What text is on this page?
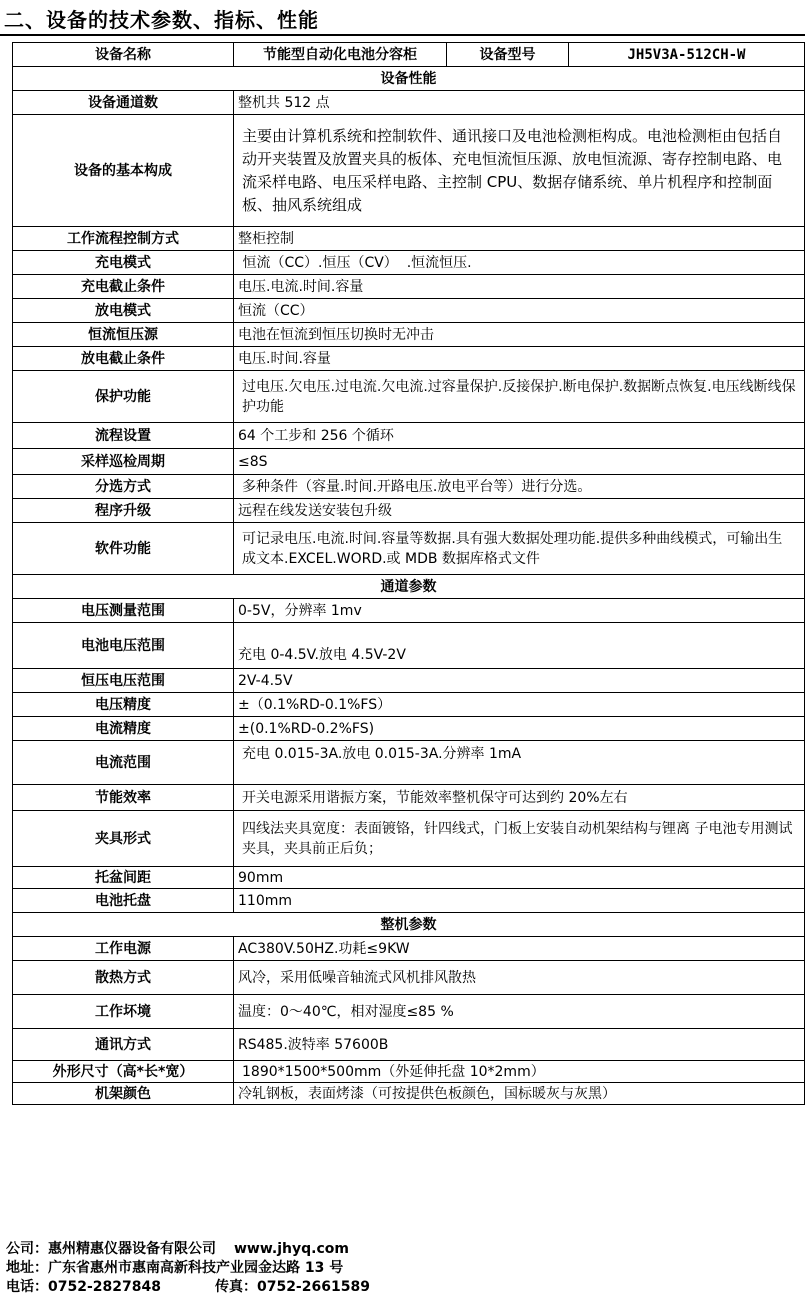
二、设备的技术参数、指标、性能
设备名称	节能型自动化电池分容柜	设备型号	JH5V3A-512CH-W
设备性能			
设备通道数	整机共 512 点		
设备的基本构成	主要由计算机系统和控制软件、通讯接口及电池检测柜构成。电池检测柜由包括自动开夹装置及放置夹具的板体、充电恒流恒压源、放电恒流源、寄存控制电路、电流采样电路、电压采样电路、主控制 CPU、数据存储系统、单片机程序和控制面板、抽风系统组成		
工作流程控制方式	整柜控制		
充电模式	恒流（CC）.恒压（CV）  .恒流恒压.		
充电截止条件	电压.电流.时间.容量		
放电模式	恒流（CC）		
恒流恒压源	电池在恒流到恒压切换时无冲击		
放电截止条件	电压.时间.容量		
保护功能	过电压.欠电压.过电流.欠电流.过容量保护.反接保护.断电保护.数据断点恢复.电压线断线保护功能		
流程设置	64 个工步和 256 个循环		
采样巡检周期	≤8S		
分选方式	多种条件（容量.时间.开路电压.放电平台等）进行分选。		
程序升级	远程在线发送安装包升级		
软件功能	可记录电压.电流.时间.容量等数据.具有强大数据处理功能.提供多种曲线模式，可输出生成文本.EXCEL.WORD.或 MDB 数据库格式文件		
通道参数			
电压测量范围	0-5V，分辨率 1mv		
电池电压范围	充电 0-4.5V.放电 4.5V-2V		
恒压电压范围	2V-4.5V		
电压精度	±（0.1%RD-0.1%FS）		
电流精度	±(0.1%RD-0.2%FS)		
电流范围	充电 0.015-3A.放电 0.015-3A.分辨率 1mA		
节能效率	开关电源采用谐振方案，节能效率整机保守可达到约 20%左右		
夹具形式	四线法夹具宽度：表面镀铬，针四线式，门板上安装自动机架结构与锂离 子电池专用测试夹具，夹具前正后负；		
托盆间距	90mm		
电池托盘	110mm		
整机参数			
工作电源	AC380V.50HZ.功耗≤9KW		
散热方式	风冷，采用低噪音轴流式风机排风散热		
工作坏境	温度：0～40℃，相对湿度≤85 %		
通讯方式	RS485.波特率 57600B		
外形尺寸（高*长*宽）	1890*1500*500mm（外延伸托盘 10*2mm）		
机架颜色	冷轧钢板，表面烤漆（可按提供色板颜色，国标暖灰与灰黑）		
公司：惠州精惠仪器设备有限公司 www.jhyq.com
地址：广东省惠州市惠南高新科技产业园金达路 13 号
电话：0752-2827848	传真：0752-2661589
